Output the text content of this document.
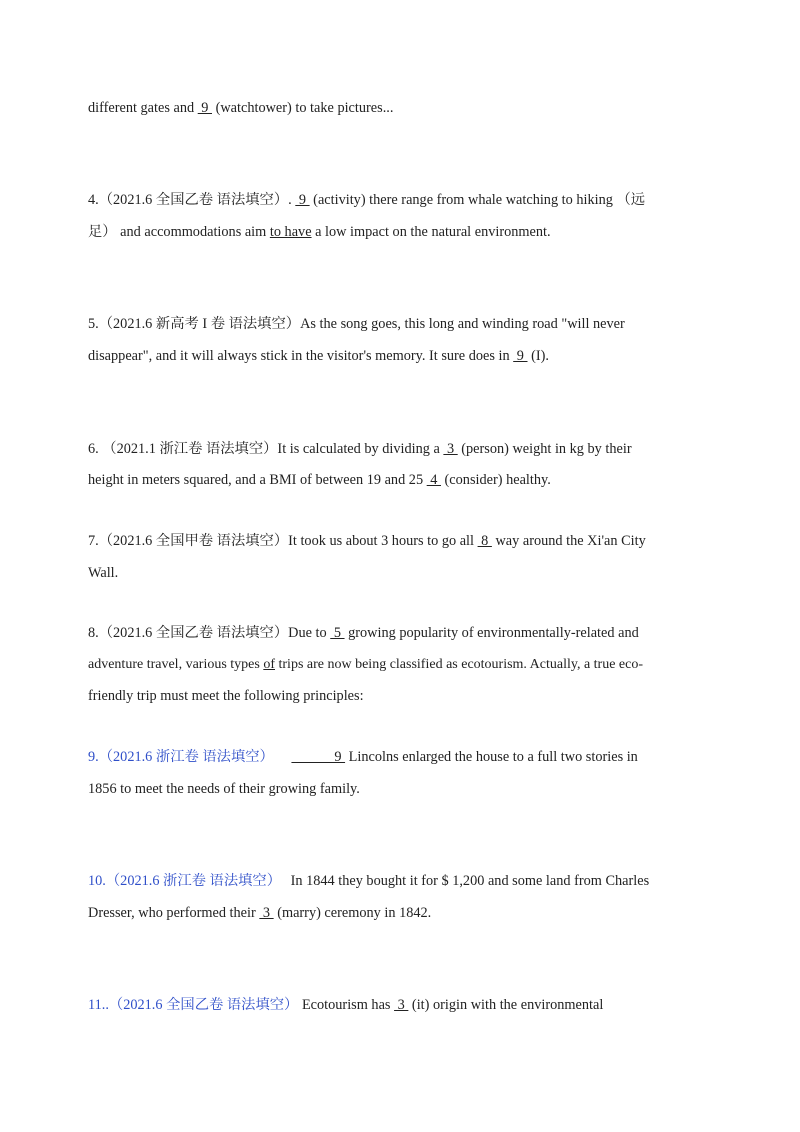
different gates and  9  (watchtower) to take pictures...
4.（2021.6 全国乙卷 语法填空）.  9  (activity) there range from whale watching to hiking （远
足） and accommodations aim to have a low impact on the natural environment.
5.（2021.6 新高考 I 卷 语法填空）As the song goes, this long and winding road "will never
disappear", and it will always stick in the visitor's memory. It sure does in  9  (I).
6. （2021.1 浙江卷 语法填空）It is calculated by dividing a  3  (person) weight in kg by their
height in meters squared, and a BMI of between 19 and 25  4  (consider) healthy.
7.（2021.6 全国甲卷 语法填空）It took us about 3 hours to go all  8  way around the Xi'an City
Wall.
8.（2021.6 全国乙卷 语法填空）Due to  5  growing popularity of environmentally-related and
adventure travel, various types of trips are now being classified as ecotourism. Actually, a true eco-
friendly trip must meet the following principles:
9.（2021.6 浙江卷 语法填空）             9  Lincolns enlarged the house to a full two stories in
1856 to meet the needs of their growing family.
10.（2021.6 浙江卷 语法填空） In 1844 they bought it for $ 1,200 and some land from Charles
Dresser, who performed their  3  (marry) ceremony in 1842.
11..（2021.6 全国乙卷 语法填空） Ecotourism has  3  (it) origin with the environmental
